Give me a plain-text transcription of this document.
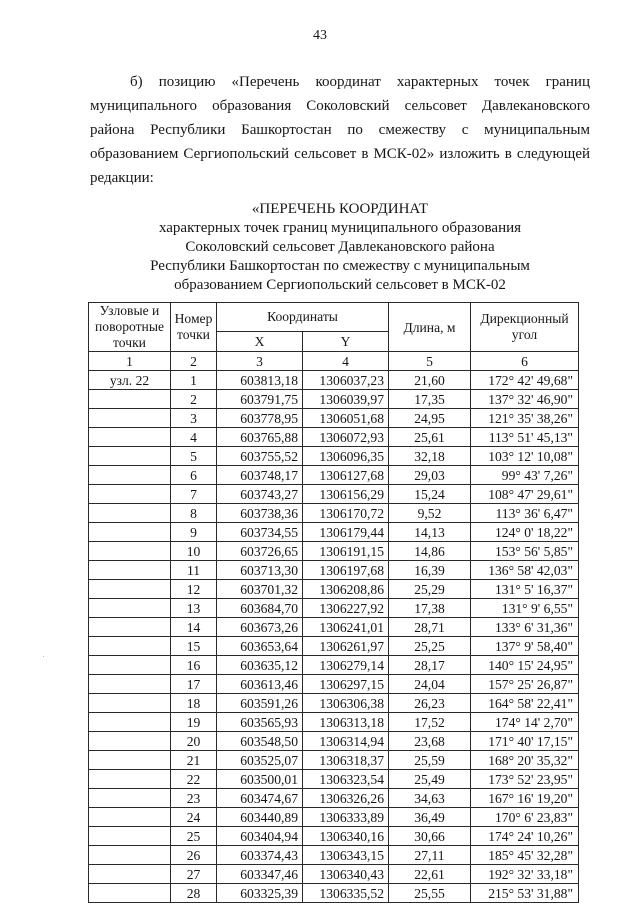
43
б) позицию «Перечень координат характерных точек границ
муниципального образования Соколовский сельсовет Давлекановского
района Республики Башкортостан по смежеству с муниципальным
образованием Сергиопольский сельсовет в МСК-02» изложить в следующей
редакции:
«ПЕРЕЧЕНЬ КООРДИНАТ
характерных точек границ муниципального образования
Соколовский сельсовет Давлекановского района
Республики Башкортостан по смежеству с муниципальным
образованием Сергиопольский сельсовет в МСК-02
Узловые и поворотные точки	Номер точки	Координаты		Длина, м	Дирекционный угол
		X	Y		
1	2	3	4	5	6
узл. 22	1	603813,18	1306037,23	21,60	172° 42' 49,68"
	2	603791,75	1306039,97	17,35	137° 32' 46,90"
	3	603778,95	1306051,68	24,95	121° 35' 38,26"
	4	603765,88	1306072,93	25,61	113° 51' 45,13"
	5	603755,52	1306096,35	32,18	103° 12' 10,08"
	6	603748,17	1306127,68	29,03	99° 43' 7,26"
	7	603743,27	1306156,29	15,24	108° 47' 29,61"
	8	603738,36	1306170,72	9,52	113° 36' 6,47"
	9	603734,55	1306179,44	14,13	124° 0' 18,22"
	10	603726,65	1306191,15	14,86	153° 56' 5,85"
	11	603713,30	1306197,68	16,39	136° 58' 42,03"
	12	603701,32	1306208,86	25,29	131° 5' 16,37"
	13	603684,70	1306227,92	17,38	131° 9' 6,55"
	14	603673,26	1306241,01	28,71	133° 6' 31,36"
	15	603653,64	1306261,97	25,25	137° 9' 58,40"
	16	603635,12	1306279,14	28,17	140° 15' 24,95"
	17	603613,46	1306297,15	24,04	157° 25' 26,87"
	18	603591,26	1306306,38	26,23	164° 58' 22,41"
	19	603565,93	1306313,18	17,52	174° 14' 2,70"
	20	603548,50	1306314,94	23,68	171° 40' 17,15"
	21	603525,07	1306318,37	25,59	168° 20' 35,32"
	22	603500,01	1306323,54	25,49	173° 52' 23,95"
	23	603474,67	1306326,26	34,63	167° 16' 19,20"
	24	603440,89	1306333,89	36,49	170° 6' 23,83"
	25	603404,94	1306340,16	30,66	174° 24' 10,26"
	26	603374,43	1306343,15	27,11	185° 45' 32,28"
	27	603347,46	1306340,43	22,61	192° 32' 33,18"
	28	603325,39	1306335,52	25,55	215° 53' 31,88"
